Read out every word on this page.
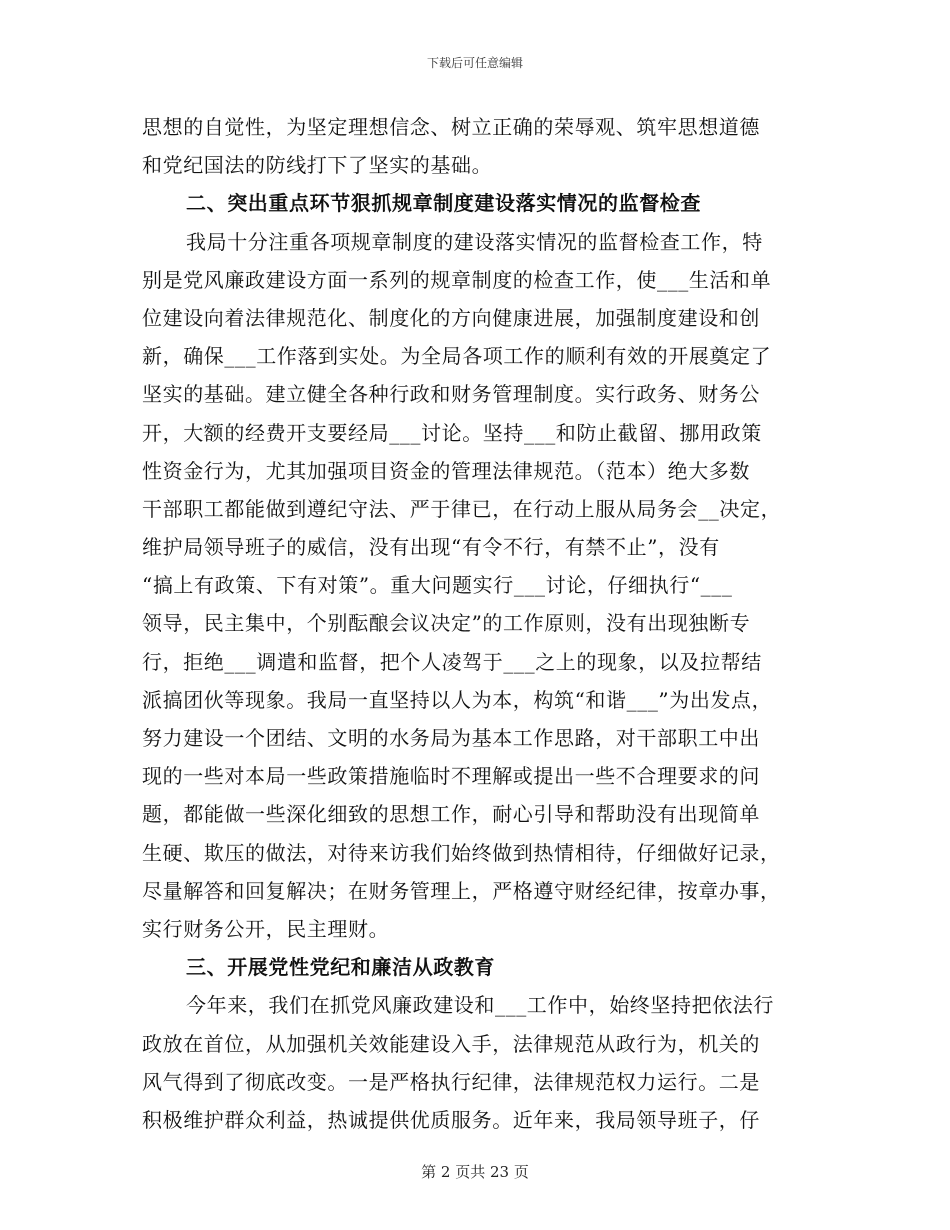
下载后可任意编辑
思想的自觉性，为坚定理想信念、树立正确的荣辱观、筑牢思想道德
和党纪国法的防线打下了坚实的基础。
二、突出重点环节狠抓规章制度建设落实情况的监督检查
我局十分注重各项规章制度的建设落实情况的监督检查工作，特
别是党风廉政建设方面一系列的规章制度的检查工作，使___生活和单
位建设向着法律规范化、制度化的方向健康进展，加强制度建设和创
新，确保___工作落到实处。为全局各项工作的顺利有效的开展奠定了
坚实的基础。建立健全各种行政和财务管理制度。实行政务、财务公
开，大额的经费开支要经局___讨论。坚持___和防止截留、挪用政策
性资金行为，尤其加强项目资金的管理法律规范。（范本）绝大多数
干部职工都能做到遵纪守法、严于律已，在行动上服从局务会__决定，
维护局领导班子的威信，没有出现“有令不行，有禁不止”，没有
“搞上有政策、下有对策”。重大问题实行___讨论，仔细执行“___
领导，民主集中，个别酝酿会议决定”的工作原则，没有出现独断专
行，拒绝___调遣和监督，把个人凌驾于___之上的现象，以及拉帮结
派搞团伙等现象。我局一直坚持以人为本，构筑“和谐___”为出发点，
努力建设一个团结、文明的水务局为基本工作思路，对干部职工中出
现的一些对本局一些政策措施临时不理解或提出一些不合理要求的问
题，都能做一些深化细致的思想工作，耐心引导和帮助没有出现简单
生硬、欺压的做法，对待来访我们始终做到热情相待，仔细做好记录，
尽量解答和回复解决；在财务管理上，严格遵守财经纪律，按章办事，
实行财务公开，民主理财。
三、开展党性党纪和廉洁从政教育
今年来，我们在抓党风廉政建设和___工作中，始终坚持把依法行
政放在首位，从加强机关效能建设入手，法律规范从政行为，机关的
风气得到了彻底改变。一是严格执行纪律，法律规范权力运行。二是
积极维护群众利益，热诚提供优质服务。近年来，我局领导班子，仔
第 2 页共 23 页
